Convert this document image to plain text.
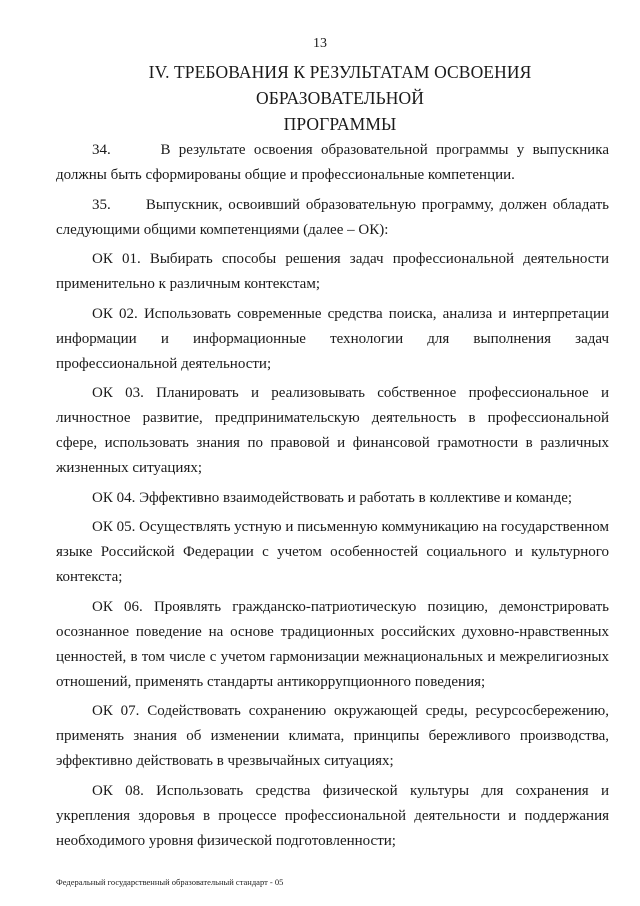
13
IV. ТРЕБОВАНИЯ К РЕЗУЛЬТАТАМ ОСВОЕНИЯ ОБРАЗОВАТЕЛЬНОЙ
ПРОГРАММЫ

34.	В результате освоения образовательной программы у выпускника должны быть сформированы общие и профессиональные компетенции.

35. Выпускник, освоивший образовательную программу, должен обладать следующими общими компетенциями (далее – ОК):

ОК 01. Выбирать способы решения задач профессиональной деятельности применительно к различным контекстам;

ОК 02. Использовать современные средства поиска, анализа и интерпретации информации и информационные технологии для выполнения задач профессиональной деятельности;

ОК 03. Планировать и реализовывать собственное профессиональное и личностное развитие, предпринимательскую деятельность в профессиональной сфере, использовать знания по правовой и финансовой грамотности в различных жизненных ситуациях;

ОК 04. Эффективно взаимодействовать и работать в коллективе и команде;

ОК 05. Осуществлять устную и письменную коммуникацию на государственном языке Российской Федерации с учетом особенностей социального и культурного контекста;

ОК 06. Проявлять гражданско-патриотическую позицию, демонстрировать осознанное поведение на основе традиционных российских духовно-нравственных ценностей, в том числе с учетом гармонизации межнациональных и межрелигиозных отношений, применять стандарты антикоррупционного поведения;

ОК 07. Содействовать сохранению окружающей среды, ресурсосбережению, применять знания об изменении климата, принципы бережливого производства, эффективно действовать в чрезвычайных ситуациях;

ОК 08. Использовать средства физической культуры для сохранения и укрепления здоровья в процессе профессиональной деятельности и поддержания необходимого уровня физической подготовленности;

Федеральный государственный образовательный стандарт - 05
